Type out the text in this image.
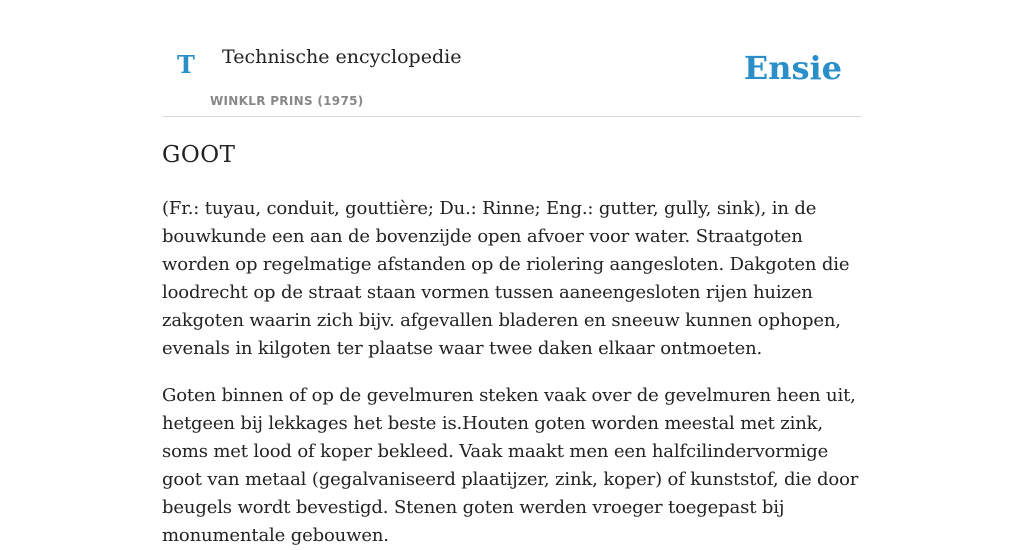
T Technische encyclopedie
WINKLR PRINS (1975)
Ensie
GOOT

(Fr.: tuyau, conduit, gouttière; Du.: Rinne; Eng.: gutter, gully, sink), in de bouwkunde een aan de bovenzijde open afvoer voor water. Straatgoten worden op regelmatige afstanden op de riolering aangesloten. Dakgoten die loodrecht op de straat staan vormen tussen aaneengesloten rijen huizen zakgoten waarin zich bijv. afgevallen bladeren en sneeuw kunnen ophopen, evenals in kilgoten ter plaatse waar twee daken elkaar ontmoeten.

Goten binnen of op de gevelmuren steken vaak over de gevelmuren heen uit, hetgeen bij lekkages het beste is.Houten goten worden meestal met zink, soms met lood of koper bekleed. Vaak maakt men een halfcilindervormige goot van metaal (gegalvaniseerd plaatijzer, zink, koper) of kunststof, die door beugels wordt bevestigd. Stenen goten werden vroeger toegepast bij monumentale gebouwen.
